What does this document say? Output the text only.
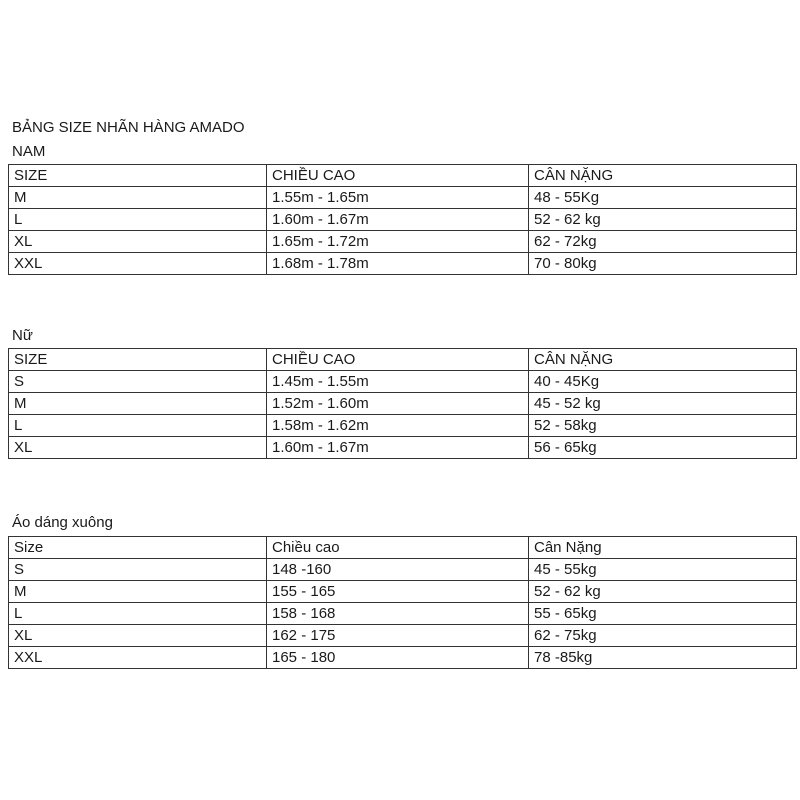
BẢNG SIZE NHÃN HÀNG AMADO
NAM
SIZE	CHIỀU CAO	CÂN NẶNG
M	1.55m - 1.65m	48 - 55Kg
L	1.60m - 1.67m	52 - 62 kg
XL	1.65m - 1.72m	62 - 72kg
XXL	1.68m - 1.78m	70 - 80kg
Nữ
SIZE	CHIỀU CAO	CÂN NẶNG
S	1.45m - 1.55m	40 - 45Kg
M	1.52m - 1.60m	45 - 52 kg
L	1.58m - 1.62m	52 - 58kg
XL	1.60m - 1.67m	56 - 65kg
Áo dáng xuông
Size	Chiều cao	Cân Nặng
S	148 -160	45 - 55kg
M	155 - 165	52 - 62 kg
L	158 - 168	55 - 65kg
XL	162 - 175	62 - 75kg
XXL	165 - 180	78 -85kg
